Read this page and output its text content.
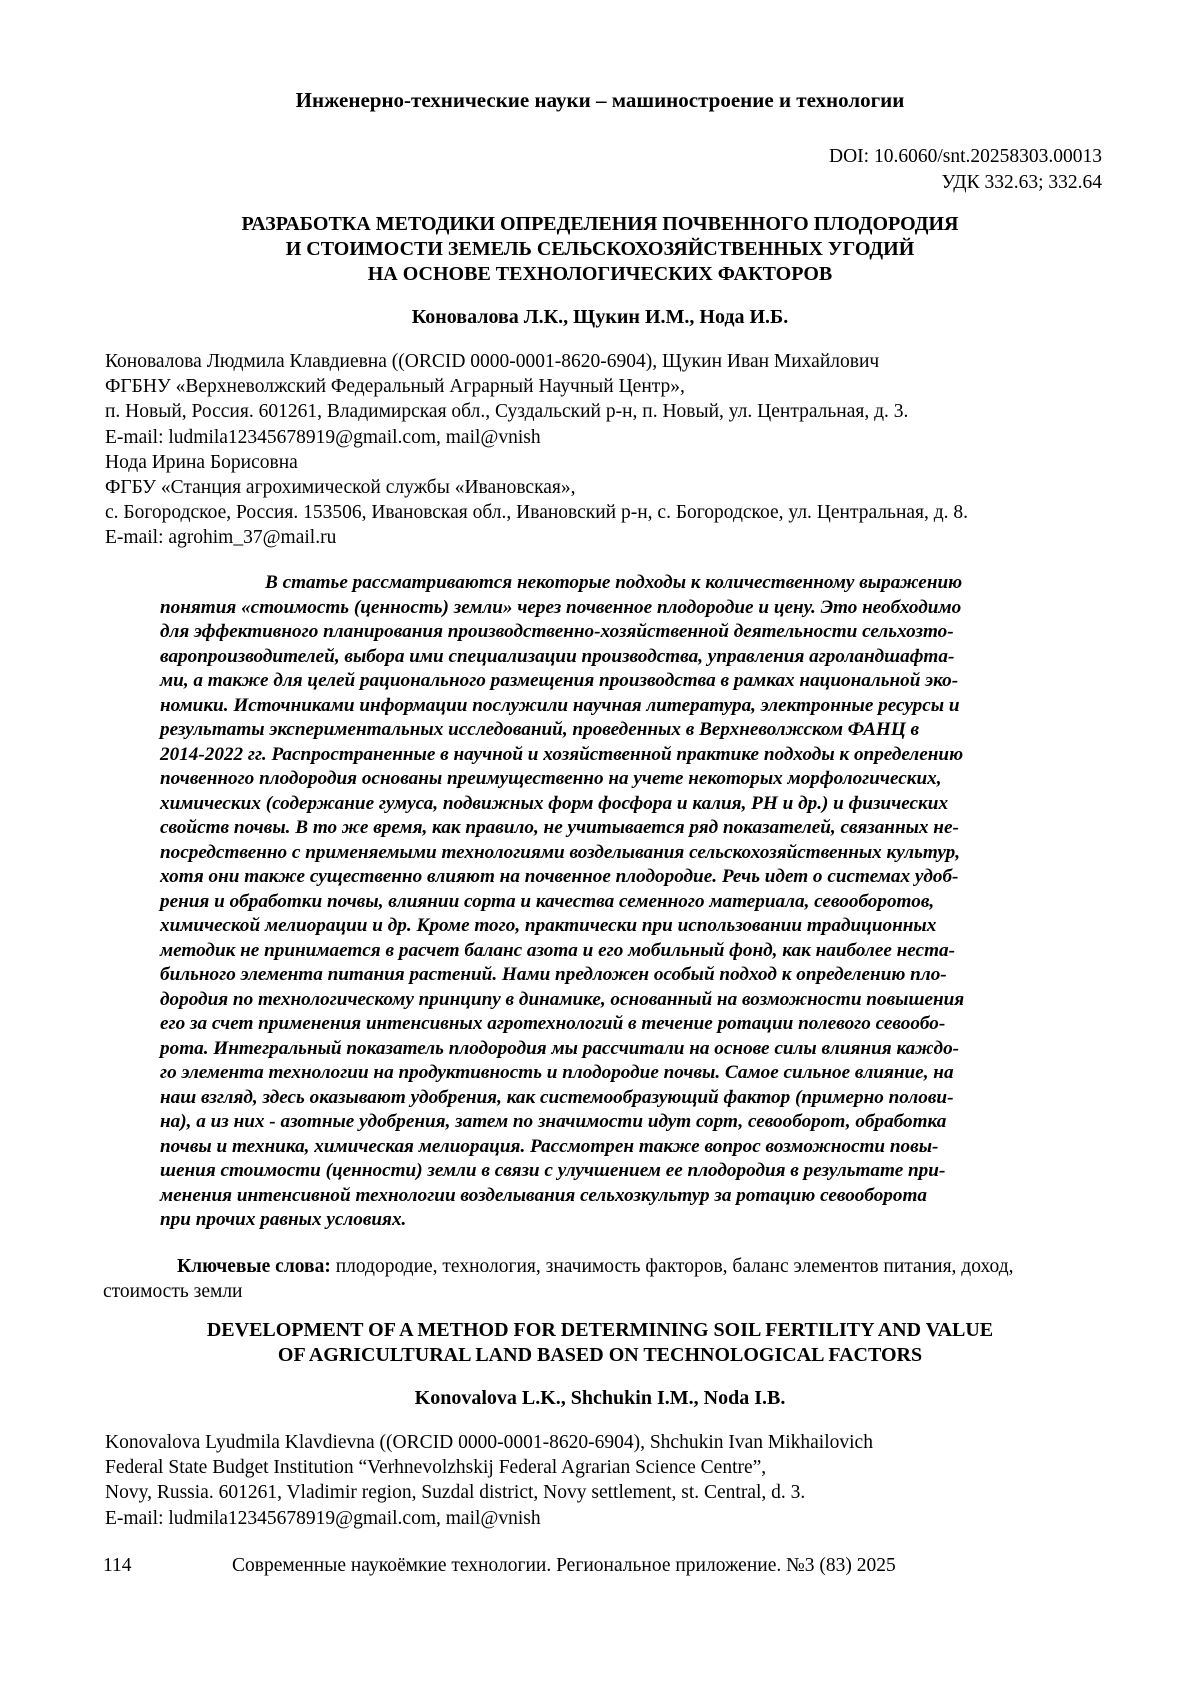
Инженерно-технические науки – машиностроение и технологии
DOI: 10.6060/snt.20258303.00013
УДК 332.63; 332.64
РАЗРАБОТКА МЕТОДИКИ ОПРЕДЕЛЕНИЯ ПОЧВЕННОГО ПЛОДОРОДИЯ
И СТОИМОСТИ ЗЕМЕЛЬ СЕЛЬСКОХОЗЯЙСТВЕННЫХ УГОДИЙ
НА ОСНОВЕ ТЕХНОЛОГИЧЕСКИХ ФАКТОРОВ
Коновалова Л.К., Щукин И.М., Нода И.Б.
Коновалова Людмила Клавдиевна ((ORCID 0000-0001-8620-6904), Щукин Иван Михайлович
ФГБНУ «Верхневолжский Федеральный Аграрный Научный Центр»,
п. Новый, Россия. 601261, Владимирская обл., Суздальский р-н, п. Новый, ул. Центральная, д. 3.
E-mail: ludmila12345678919@gmail.com, mail@vnish
Нода Ирина Борисовна
ФГБУ «Станция агрохимической службы «Ивановская»,
с. Богородское, Россия. 153506, Ивановская обл., Ивановский р-н, с. Богородское, ул. Центральная, д. 8.
E-mail: agrohim_37@mail.ru
В статье рассматриваются некоторые подходы к количественному выражению
понятия «стоимость (ценность) земли» через почвенное плодородие и цену. Это необходимо
для эффективного планирования производственно-хозяйственной деятельности сельхозто-
варопроизводителей, выбора ими специализации производства, управления агроландшафта-
ми, а также для целей рационального размещения производства в рамках национальной эко-
номики. Источниками информации послужили научная литература, электронные ресурсы и
результаты экспериментальных исследований, проведенных в Верхневолжском ФАНЦ в
2014-2022 гг. Распространенные в научной и хозяйственной практике подходы к определению
почвенного плодородия основаны преимущественно на учете некоторых морфологических,
химических (содержание гумуса, подвижных форм фосфора и калия, РН и др.) и физических
свойств почвы. В то же время, как правило, не учитывается ряд показателей, связанных не-
посредственно с применяемыми технологиями возделывания сельскохозяйственных культур,
хотя они также существенно влияют на почвенное плодородие. Речь идет о системах удоб-
рения и обработки почвы, влиянии сорта и качества семенного материала, севооборотов,
химической мелиорации и др. Кроме того, практически при использовании традиционных
методик не принимается в расчет баланс азота и его мобильный фонд, как наиболее неста-
бильного элемента питания растений. Нами предложен особый подход к определению пло-
дородия по технологическому принципу в динамике, основанный на возможности повышения
его за счет применения интенсивных агротехнологий в течение ротации полевого севообо-
рота. Интегральный показатель плодородия мы рассчитали на основе силы влияния каждо-
го элемента технологии на продуктивность и плодородие почвы. Самое сильное влияние, на
наш взгляд, здесь оказывают удобрения, как системообразующий фактор (примерно полови-
на), а из них - азотные удобрения, затем по значимости идут сорт, севооборот, обработка
почвы и техника, химическая мелиорация. Рассмотрен также вопрос возможности повы-
шения стоимости (ценности) земли в связи с улучшением ее плодородия в результате при-
менения интенсивной технологии возделывания сельхозкультур за ротацию севооборота
при прочих равных условиях.
Ключевые слова: плодородие, технология, значимость факторов, баланс элементов питания, доход, стоимость земли
DEVELOPMENT OF A METHOD FOR DETERMINING SOIL FERTILITY AND VALUE
OF AGRICULTURAL LAND BASED ON TECHNOLOGICAL FACTORS
Konovalova L.K., Shchukin I.M., Noda I.B.
Konovalova Lyudmila Klavdievna ((ORCID 0000-0001-8620-6904), Shchukin Ivan Mikhailovich
Federal State Budget Institution “Verhnevolzhskij Federal Agrarian Science Centre”,
Novy, Russia. 601261, Vladimir region, Suzdal district, Novy settlement, st. Central, d. 3.
E-mail: ludmila12345678919@gmail.com, mail@vnish
114	Современные наукоёмкие технологии. Региональное приложение. №3 (83) 2025
